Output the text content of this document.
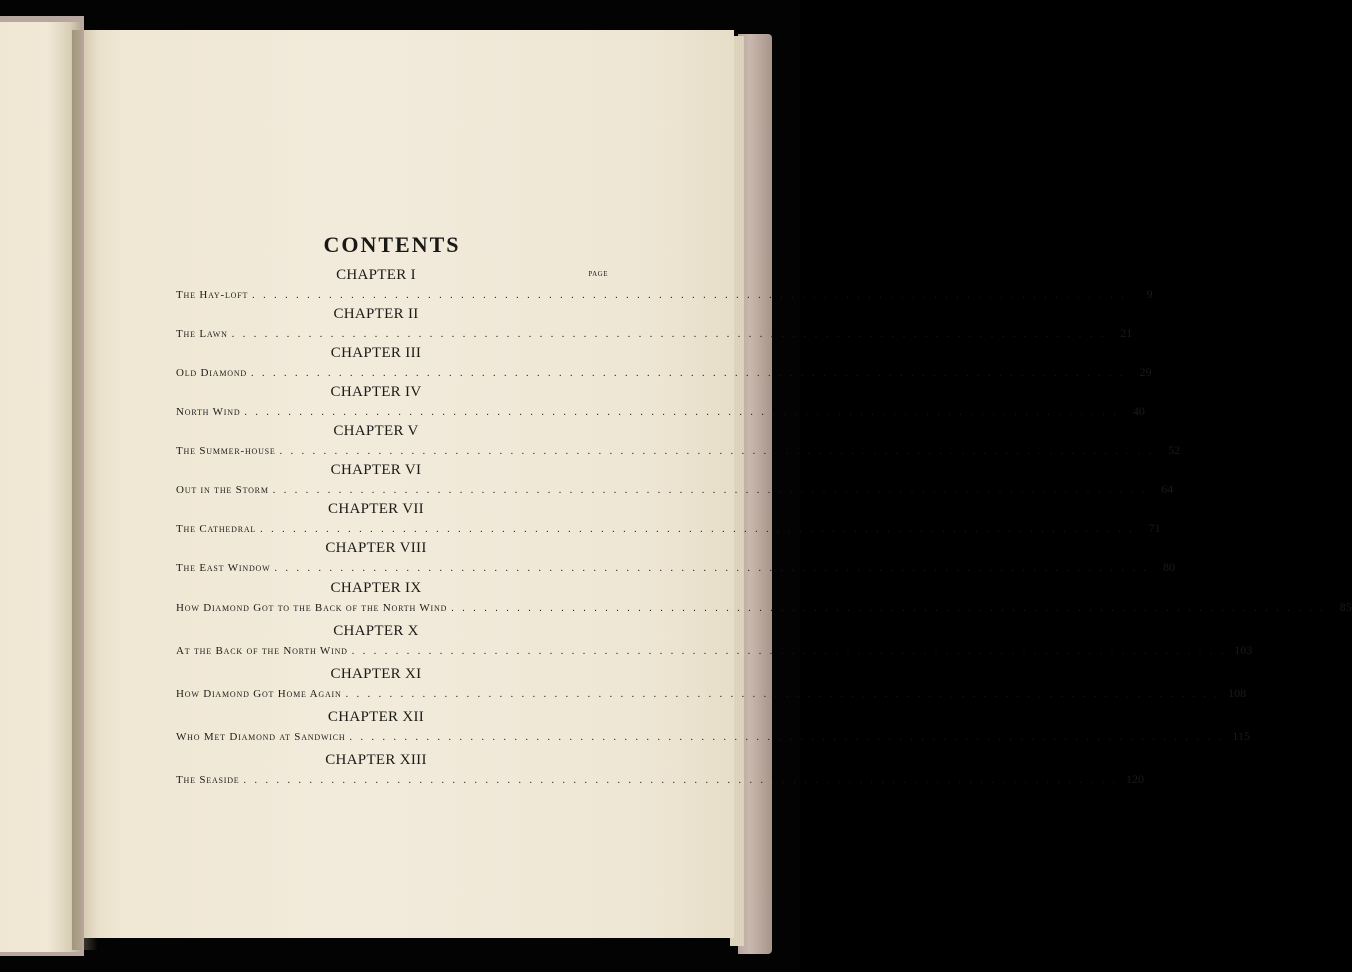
CONTENTS
PAGE
CHAPTER I
The Hay-loft . . . . . . . . . . . . . . . . . . . . . . . . . . . . . . . . . . . . . . . . . . . . . . . . . . . . . . . . . . . . . . . . . . . . . . . . . . . . . . . .	9
CHAPTER II
The Lawn . . . . . . . . . . . . . . . . . . . . . . . . . . . . . . . . . . . . . . . . . . . . . . . . . . . . . . . . . . . . . . . . . . . . . . . . . . . . . . . .	21
CHAPTER III
Old Diamond . . . . . . . . . . . . . . . . . . . . . . . . . . . . . . . . . . . . . . . . . . . . . . . . . . . . . . . . . . . . . . . . . . . . . . . . . . . . . . . .	29
CHAPTER IV
North Wind . . . . . . . . . . . . . . . . . . . . . . . . . . . . . . . . . . . . . . . . . . . . . . . . . . . . . . . . . . . . . . . . . . . . . . . . . . . . . . . .	40
CHAPTER V
The Summer-house . . . . . . . . . . . . . . . . . . . . . . . . . . . . . . . . . . . . . . . . . . . . . . . . . . . . . . . . . . . . . . . . . . . . . . . . . . . . . . . .	52
CHAPTER VI
Out in the Storm . . . . . . . . . . . . . . . . . . . . . . . . . . . . . . . . . . . . . . . . . . . . . . . . . . . . . . . . . . . . . . . . . . . . . . . . . . . . . . . .	64
CHAPTER VII
The Cathedral . . . . . . . . . . . . . . . . . . . . . . . . . . . . . . . . . . . . . . . . . . . . . . . . . . . . . . . . . . . . . . . . . . . . . . . . . . . . . . . .	71
CHAPTER VIII
The East Window . . . . . . . . . . . . . . . . . . . . . . . . . . . . . . . . . . . . . . . . . . . . . . . . . . . . . . . . . . . . . . . . . . . . . . . . . . . . . . . .	80
CHAPTER IX
How Diamond Got to the Back of the North Wind . . . . . . . . . . . . . . . . . . . . . . . . . . . . . . . . . . . . . . . . . . . . . . . . . . . . . . . . . . . . . . . . . . . . . . . . . . . . . . . .	85
CHAPTER X
At the Back of the North Wind . . . . . . . . . . . . . . . . . . . . . . . . . . . . . . . . . . . . . . . . . . . . . . . . . . . . . . . . . . . . . . . . . . . . . . . . . . . . . . . . 103
CHAPTER XI
How Diamond Got Home Again . . . . . . . . . . . . . . . . . . . . . . . . . . . . . . . . . . . . . . . . . . . . . . . . . . . . . . . . . . . . . . . . . . . . . . . . . . . . . . . . 108
CHAPTER XII
Who Met Diamond at Sandwich . . . . . . . . . . . . . . . . . . . . . . . . . . . . . . . . . . . . . . . . . . . . . . . . . . . . . . . . . . . . . . . . . . . . . . . . . . . . . . . . 115
CHAPTER XIII
The Seaside . . . . . . . . . . . . . . . . . . . . . . . . . . . . . . . . . . . . . . . . . . . . . . . . . . . . . . . . . . . . . . . . . . . . . . . . . . . . . . . . 120
